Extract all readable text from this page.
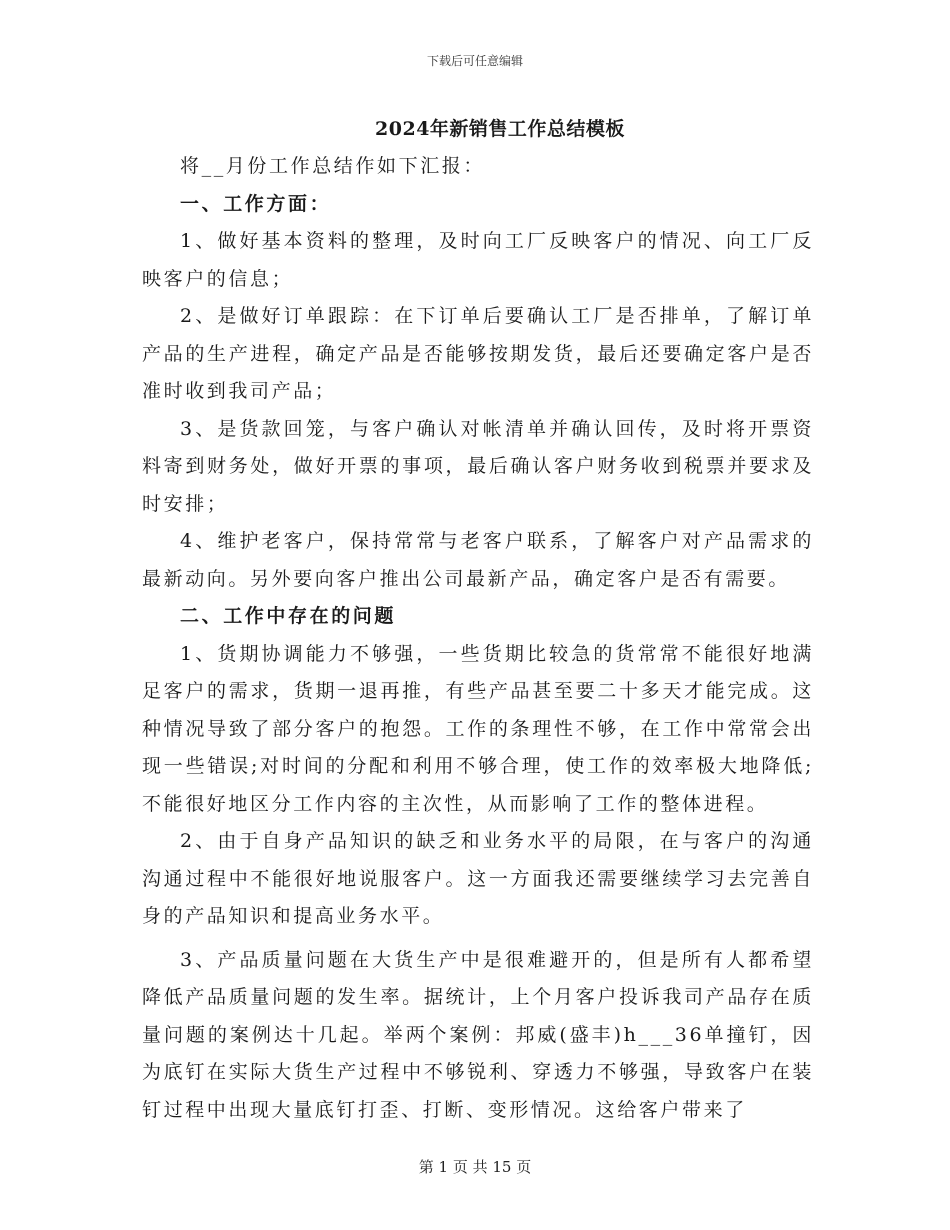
下载后可任意编辑
2024年新销售工作总结模板

将__月份工作总结作如下汇报：

一、工作方面：

1、做好基本资料的整理，及时向工厂反映客户的情况、向工厂反映客户的信息；

2、是做好订单跟踪：在下订单后要确认工厂是否排单，了解订单产品的生产进程，确定产品是否能够按期发货，最后还要确定客户是否准时收到我司产品；

3、是货款回笼，与客户确认对帐清单并确认回传，及时将开票资料寄到财务处，做好开票的事项，最后确认客户财务收到税票并要求及时安排；

4、维护老客户，保持常常与老客户联系，了解客户对产品需求的最新动向。另外要向客户推出公司最新产品，确定客户是否有需要。

二、工作中存在的问题

1、货期协调能力不够强，一些货期比较急的货常常不能很好地满足客户的需求，货期一退再推，有些产品甚至要二十多天才能完成。这种情况导致了部分客户的抱怨。工作的条理性不够，在工作中常常会出现一些错误;对时间的分配和利用不够合理，使工作的效率极大地降低;不能很好地区分工作内容的主次性，从而影响了工作的整体进程。

2、由于自身产品知识的缺乏和业务水平的局限，在与客户的沟通沟通过程中不能很好地说服客户。这一方面我还需要继续学习去完善自身的产品知识和提高业务水平。

3、产品质量问题在大货生产中是很难避开的，但是所有人都希望降低产品质量问题的发生率。据统计，上个月客户投诉我司产品存在质量问题的案例达十几起。举两个案例：邦威(盛丰)h___36单撞钉，因为底钉在实际大货生产过程中不够锐利、穿透力不够强，导致客户在装钉过程中出现大量底钉打歪、打断、变形情况。这给客户带来了

第 1 页 共 15 页
